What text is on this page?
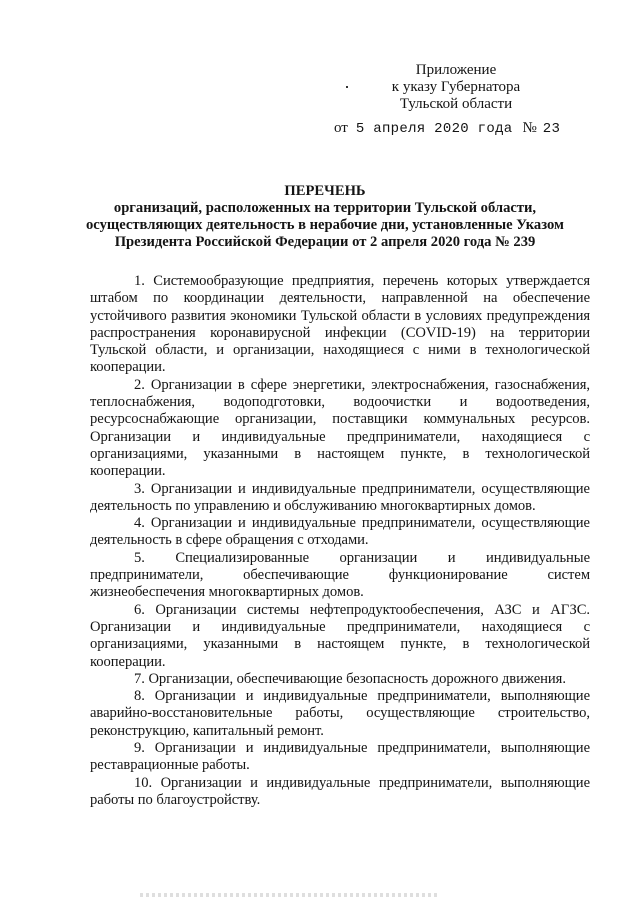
Приложение
к указу Губернатора
Тульской области
от 5 апреля 2020 года № 23
ПЕРЕЧЕНЬ
организаций, расположенных на территории Тульской области,
осуществляющих деятельность в нерабочие дни, установленные Указом
Президента Российской Федерации от 2 апреля 2020 года № 239

1. Системообразующие предприятия, перечень которых утверждается штабом по координации деятельности, направленной на обеспечение устойчивого развития экономики Тульской области в условиях предупреждения распространения коронавирусной инфекции (COVID-19) на территории Тульской области, и организации, находящиеся с ними в технологической кооперации.

2. Организации в сфере энергетики, электроснабжения, газоснабжения, теплоснабжения, водоподготовки, водоочистки и водоотведения, ресурсоснабжающие организации, поставщики коммунальных ресурсов. Организации и индивидуальные предприниматели, находящиеся с организациями, указанными в настоящем пункте, в технологической кооперации.

3. Организации и индивидуальные предприниматели, осуществляющие деятельность по управлению и обслуживанию многоквартирных домов.

4. Организации и индивидуальные предприниматели, осуществляющие деятельность в сфере обращения с отходами.

5. Специализированные организации и индивидуальные предприниматели, обеспечивающие функционирование систем жизнеобеспечения многоквартирных домов.

6. Организации системы нефтепродуктообеспечения, АЗС и АГЗС. Организации и индивидуальные предприниматели, находящиеся с организациями, указанными в настоящем пункте, в технологической кооперации.

7. Организации, обеспечивающие безопасность дорожного движения.

8. Организации и индивидуальные предприниматели, выполняющие аварийно-восстановительные работы, осуществляющие строительство, реконструкцию, капитальный ремонт.

9. Организации и индивидуальные предприниматели, выполняющие реставрационные работы.

10. Организации и индивидуальные предприниматели, выполняющие работы по благоустройству.
